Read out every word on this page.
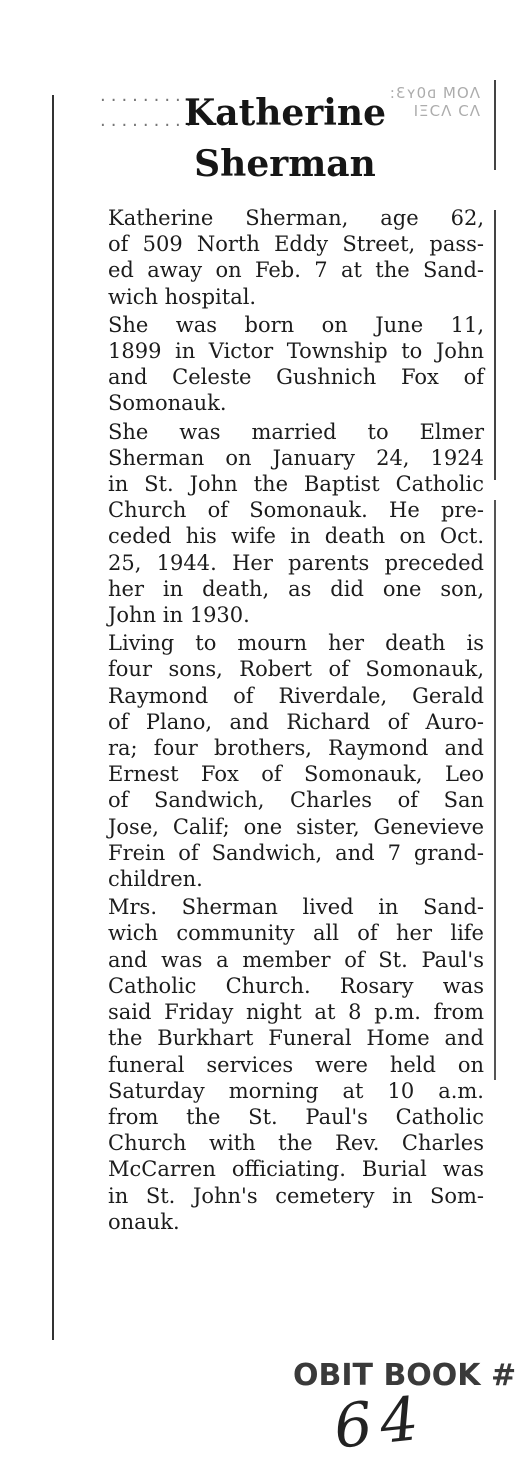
.........
.........
ΛΟΜ ᴅ0ʏ3:
ΛϽ ΛϽΞΙ
Katherine
Sherman
Katherine Sherman, age 62,
of 509 North Eddy Street, pass-
ed away on Feb. 7 at the Sand-
wich hospital.
She was born on June 11,
1899 in Victor Township to John
and Celeste Gushnich Fox of
Somonauk.
She was married to Elmer
Sherman on January 24, 1924
in St. John the Baptist Catholic
Church of Somonauk. He pre-
ceded his wife in death on Oct.
25, 1944. Her parents preceded
her in death, as did one son,
John in 1930.
Living to mourn her death is
four sons, Robert of Somonauk,
Raymond of Riverdale, Gerald
of Plano, and Richard of Auro-
ra; four brothers, Raymond and
Ernest Fox of Somonauk, Leo
of Sandwich, Charles of San
Jose, Calif; one sister, Genevieve
Frein of Sandwich, and 7 grand-
children.
Mrs. Sherman lived in Sand-
wich community all of her life
and was a member of St. Paul's
Catholic Church. Rosary was
said Friday night at 8 p.m. from
the Burkhart Funeral Home and
funeral services were held on
Saturday morning at 10 a.m.
from the St. Paul's Catholic
Church with the Rev. Charles
McCarren officiating. Burial was
in St. John's cemetery in Som-
onauk.
OBIT BOOK #
64
